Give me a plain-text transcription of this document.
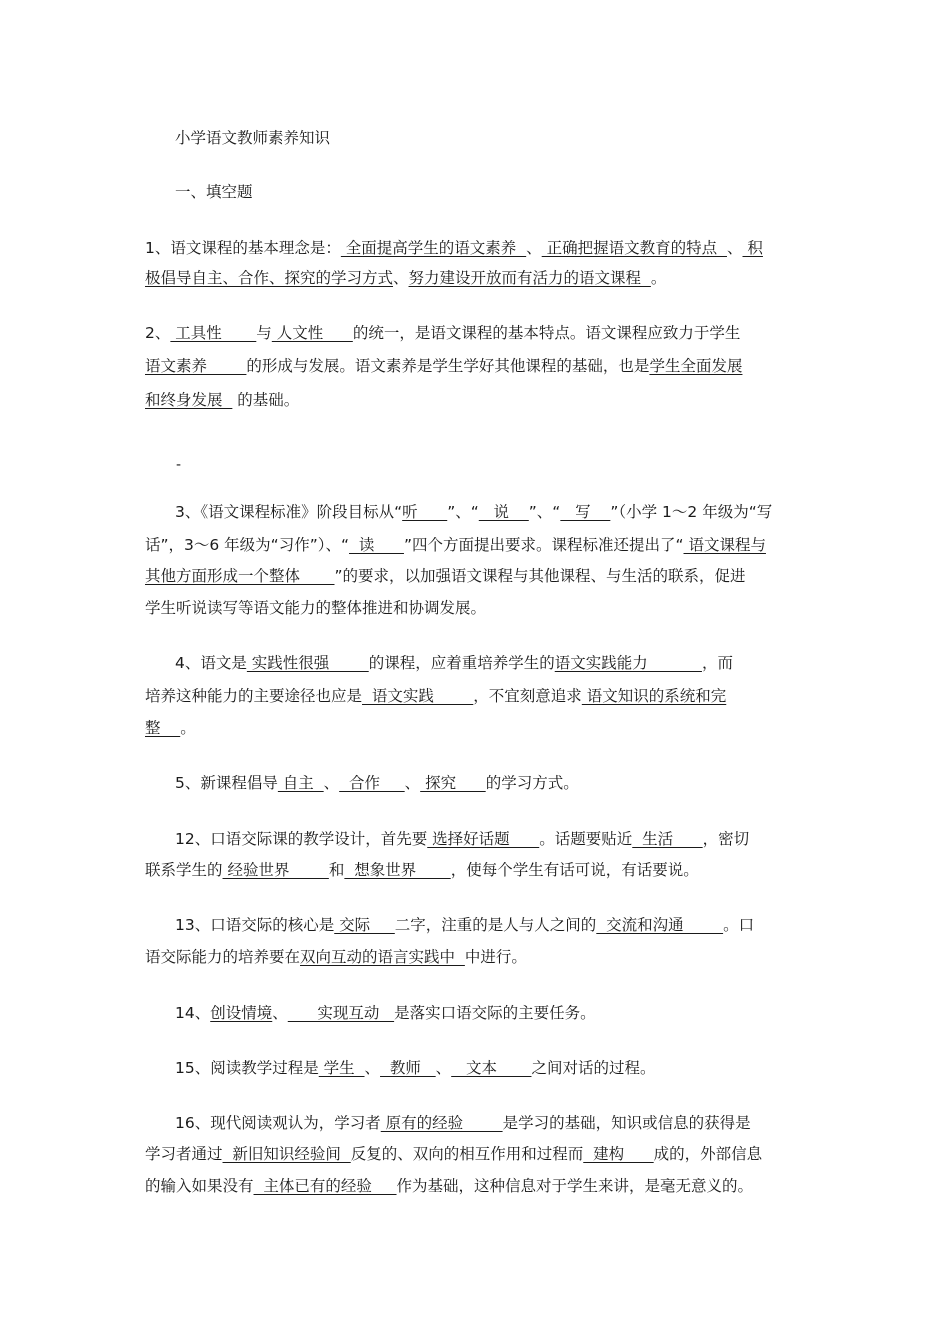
小学语文教师素养知识
一、填空题
-
1、语文课程的基本理念是： 全面提高学生的语文素养  、 正确把握语文教育的特点  、 积
极倡导自主、合作、探究的学习方式、努力建设开放而有活力的语文课程  。
2、 工具性       与 人文性      的统一，是语文课程的基本特点。语文课程应致力于学生
语文素养        的形成与发展。语文素养是学生学好其他课程的基础，也是学生全面发展
和终身发展   的基础。
3、《语文课程标准》阶段目标从“听      ”、“   说    ”、“   写    ”（小学 1～2 年级为“写
话”，3～6 年级为“习作”）、“  读      ”四个方面提出要求。课程标准还提出了“ 语文课程与
其他方面形成一个整体       ”的要求，以加强语文课程与其他课程、与生活的联系，促进
学生听说读写等语文能力的整体推进和协调发展。
4、语文是 实践性很强        的课程，应着重培养学生的语文实践能力           ，而
培养这种能力的主要途径也应是  语文实践        ，不宜刻意追求 语文知识的系统和完
整    。
5、新课程倡导 自主  、  合作     、 探究      的学习方式。
12、口语交际课的教学设计，首先要 选择好话题      。话题要贴近  生活      ，密切
联系学生的 经验世界        和  想象世界       ，使每个学生有话可说，有话要说。
13、口语交际的核心是 交际     二字，注重的是人与人之间的  交流和沟通        。口
语交际能力的培养要在双向互动的语言实践中  中进行。
14、创设情境、      实现互动   是落实口语交际的主要任务。
15、阅读教学过程是 学生  、  教师   、   文本       之间对话的过程。
16、现代阅读观认为，学习者 原有的经验        是学习的基础，知识或信息的获得是
学习者通过  新旧知识经验间  反复的、双向的相互作用和过程而  建构      成的，外部信息
的输入如果没有  主体已有的经验     作为基础，这种信息对于学生来讲，是毫无意义的。
